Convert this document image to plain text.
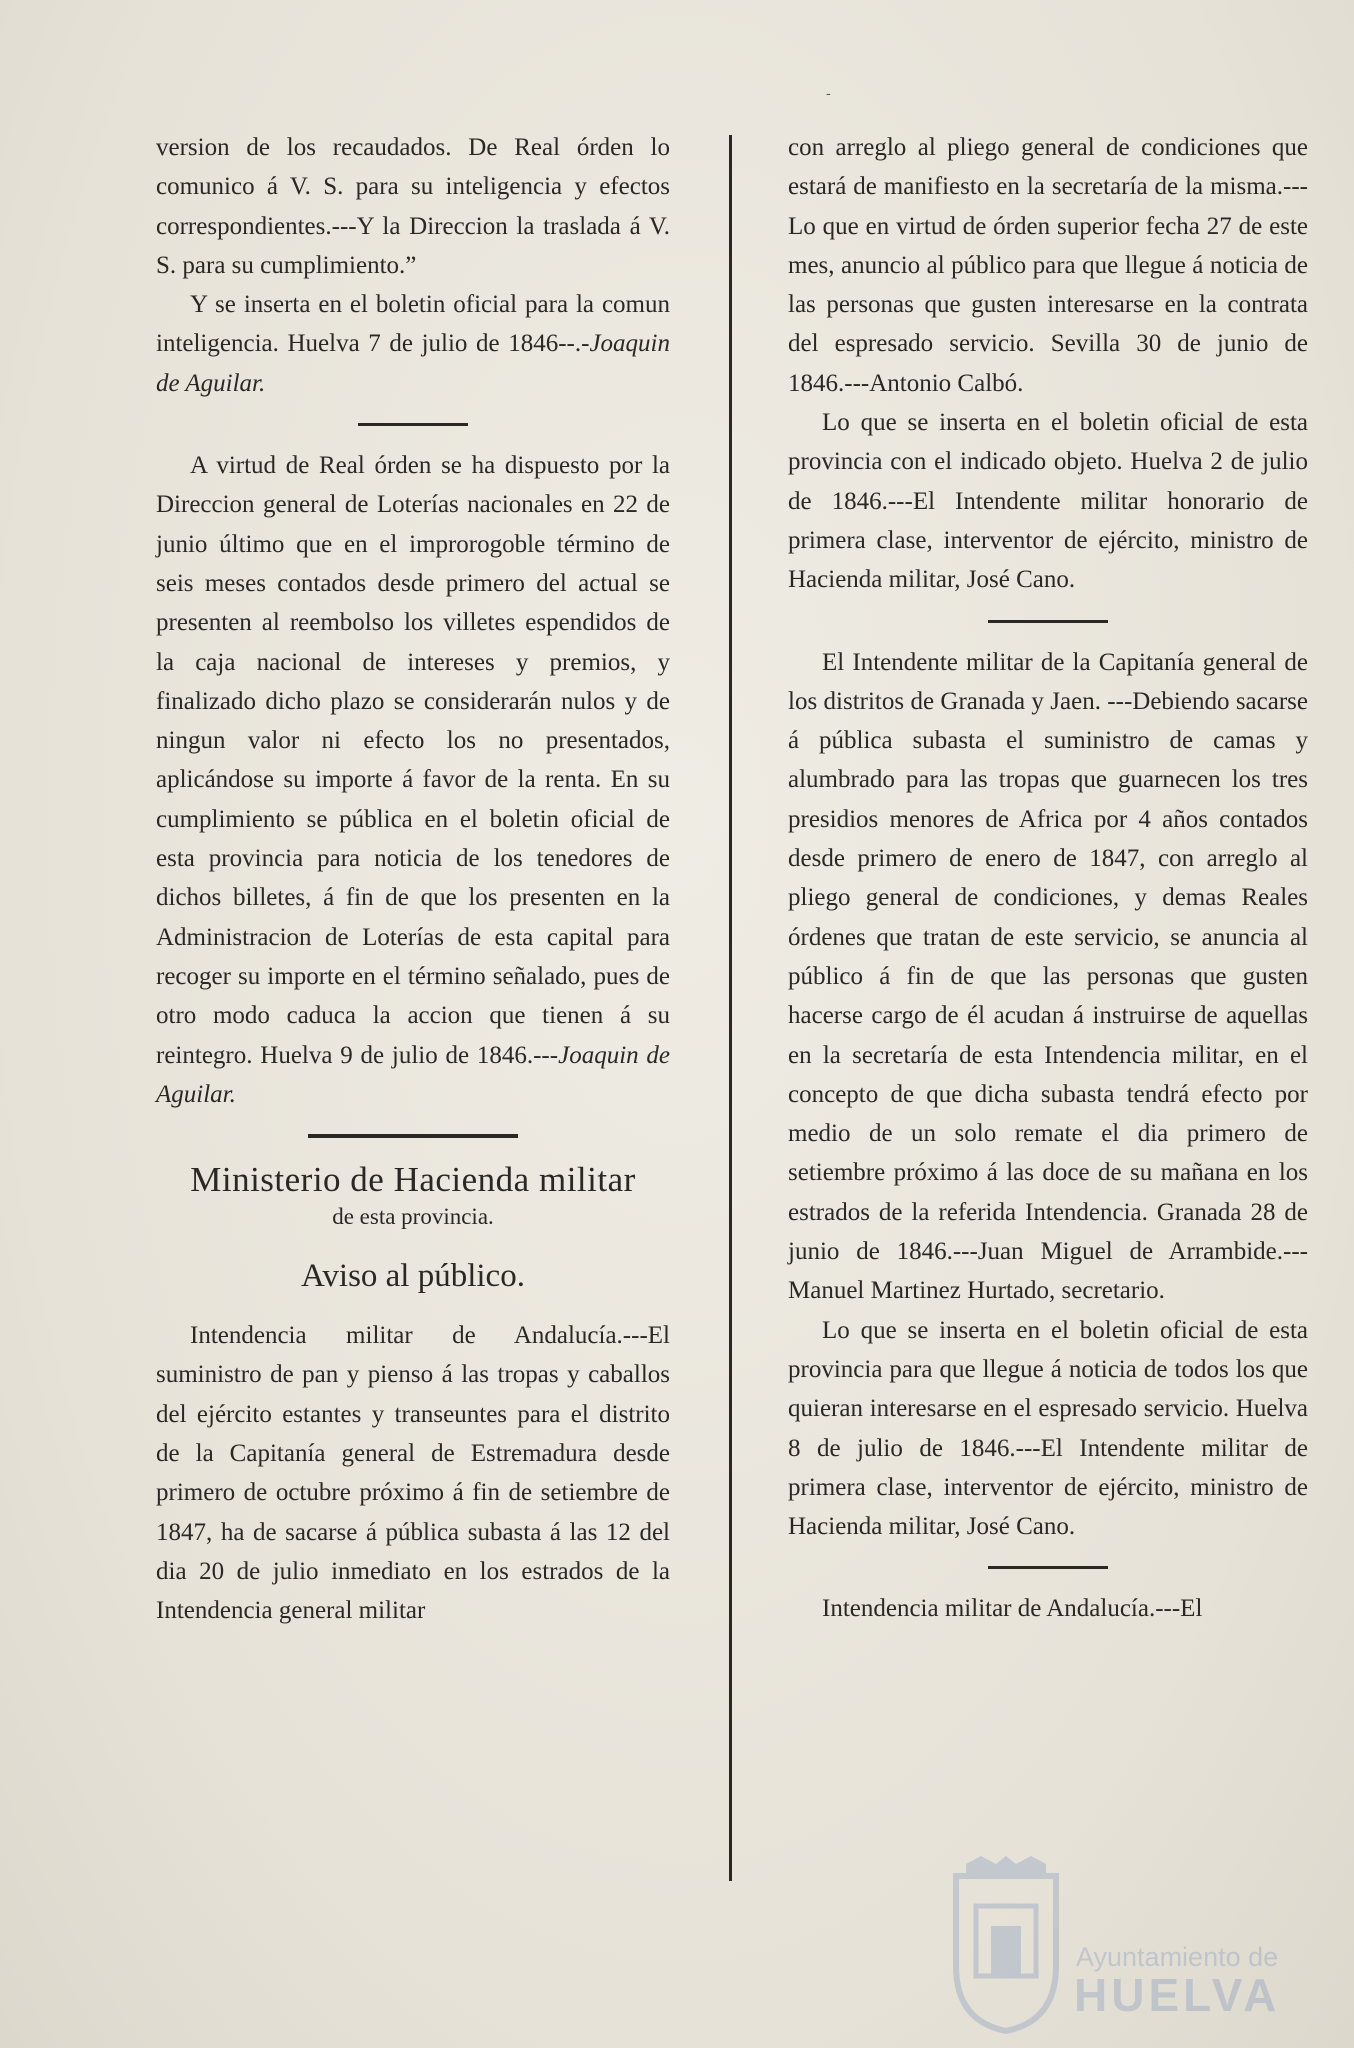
-

version de los recaudados. De Real órden lo comunico á V. S. para su inteligencia y efectos correspondientes.---Y la Direccion la traslada á V. S. para su cumplimiento.”

Y se inserta en el boletin oficial para la comun inteligencia. Huelva 7 de julio de 1846--.-Joaquin de Aguilar.

A virtud de Real órden se ha dispuesto por la Direccion general de Loterías nacionales en 22 de junio último que en el improrogoble término de seis meses contados desde primero del actual se presenten al reembolso los villetes espendidos de la caja nacional de intereses y premios, y finalizado dicho plazo se considerarán nulos y de ningun valor ni efecto los no presentados, aplicándose su importe á favor de la renta. En su cumplimiento se pública en el boletin oficial de esta provincia para noticia de los tenedores de dichos billetes, á fin de que los presenten en la Administracion de Loterías de esta capital para recoger su importe en el término señalado, pues de otro modo caduca la accion que tienen á su reintegro. Huelva 9 de julio de 1846.---Joaquin de Aguilar.

Ministerio de Hacienda militar
de esta provincia.
Aviso al público.

Intendencia militar de Andalucía.---El suministro de pan y pienso á las tropas y caballos del ejército estantes y transeuntes para el distrito de la Capitanía general de Estremadura desde primero de octubre próximo á fin de setiembre de 1847, ha de sacarse á pública subasta á las 12 del dia 20 de julio inmediato en los estrados de la Intendencia general militar

con arreglo al pliego general de condiciones que estará de manifiesto en la secretaría de la misma.---Lo que en virtud de órden superior fecha 27 de este mes, anuncio al público para que llegue á noticia de las personas que gusten interesarse en la contrata del espresado servicio. Sevilla 30 de junio de 1846.---Antonio Calbó.

Lo que se inserta en el boletin oficial de esta provincia con el indicado objeto. Huelva 2 de julio de 1846.---El Intendente militar honorario de primera clase, interventor de ejército, ministro de Hacienda militar, José Cano.

El Intendente militar de la Capitanía general de los distritos de Granada y Jaen. ---Debiendo sacarse á pública subasta el suministro de camas y alumbrado para las tropas que guarnecen los tres presidios menores de Africa por 4 años contados desde primero de enero de 1847, con arreglo al pliego general de condiciones, y demas Reales órdenes que tratan de este servicio, se anuncia al público á fin de que las personas que gusten hacerse cargo de él acudan á instruirse de aquellas en la secretaría de esta Intendencia militar, en el concepto de que dicha subasta tendrá efecto por medio de un solo remate el dia primero de setiembre próximo á las doce de su mañana en los estrados de la referida Intendencia. Granada 28 de junio de 1846.---Juan Miguel de Arrambide.---Manuel Martinez Hurtado, secretario.

Lo que se inserta en el boletin oficial de esta provincia para que llegue á noticia de todos los que quieran interesarse en el espresado servicio. Huelva 8 de julio de 1846.---El Intendente militar de primera clase, interventor de ejército, ministro de Hacienda militar, José Cano.

Intendencia militar de Andalucía.---El

Ayuntamiento de
HUELVA
